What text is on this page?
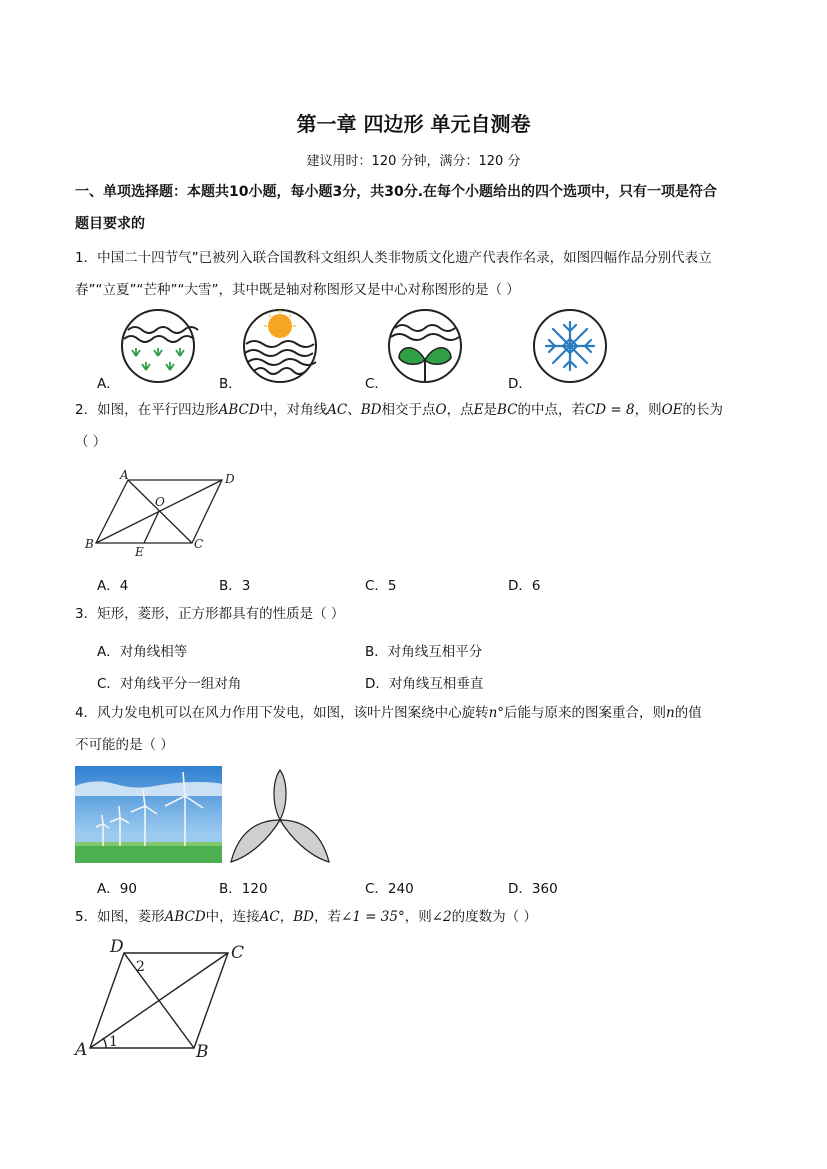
第一章 四边形 单元自测卷
建议用时：120 分钟，满分：120 分
一、单项选择题：本题共10小题，每小题3分，共30分.在每个小题给出的四个选项中，只有一项是符合
题目要求的
1．中国二十四节气”已被列入联合国教科文组织人类非物质文化遗产代表作名录，如图四幅作品分别代表立
春”“立夏”“芒种”“大雪”，其中既是轴对称图形又是中心对称图形的是（ ）
A．	B．	C．	D．
2．如图，在平行四边形ABCD中，对角线AC、BD相交于点O，点E是BC的中点，若CD = 8，则OE的长为
（ ）
A	D
O
B	C
E
A．4	B．3	C．5	D．6
3．矩形，菱形，正方形都具有的性质是（ ）
A．对角线相等	B．对角线互相平分
C．对角线平分一组对角	D．对角线互相垂直
4．风力发电机可以在风力作用下发电，如图，该叶片图案绕中心旋转n°后能与原来的图案重合，则n的值
不可能的是（ ）
A．90	B．120	C．240	D．360
5．如图，菱形ABCD中，连接AC，BD，若∠1 = 35°，则∠2的度数为（ ）
D	C
A	B
2
1
